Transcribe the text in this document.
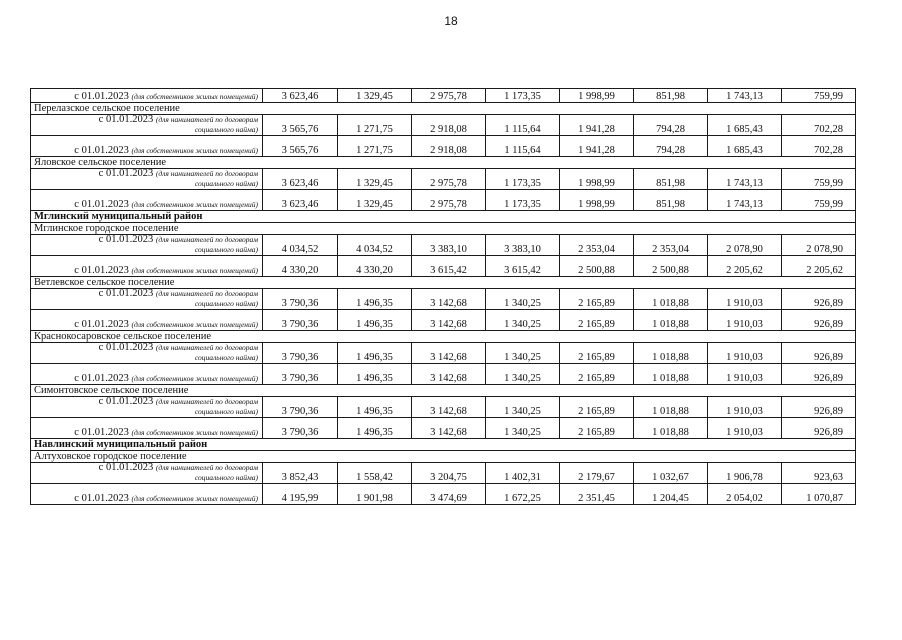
18
с 01.01.2023 (для собственников жилых помещений)	3 623,46	1 329,45	2 975,78	1 173,35	1 998,99	851,98	1 743,13	759,99
Перелазское сельское поселение								
с 01.01.2023 (для нанимателей по договорам
социального найма)	3 565,76	1 271,75	2 918,08	1 115,64	1 941,28	794,28	1 685,43	702,28
с 01.01.2023 (для собственников жилых помещений)	3 565,76	1 271,75	2 918,08	1 115,64	1 941,28	794,28	1 685,43	702,28
Яловское сельское поселение								
с 01.01.2023 (для нанимателей по договорам
социального найма)	3 623,46	1 329,45	2 975,78	1 173,35	1 998,99	851,98	1 743,13	759,99
с 01.01.2023 (для собственников жилых помещений)	3 623,46	1 329,45	2 975,78	1 173,35	1 998,99	851,98	1 743,13	759,99
Мглинский муниципальный район								
Мглинское городское поселение								
с 01.01.2023 (для нанимателей по договорам
социального найма)	4 034,52	4 034,52	3 383,10	3 383,10	2 353,04	2 353,04	2 078,90	2 078,90
с 01.01.2023 (для собственников жилых помещений)	4 330,20	4 330,20	3 615,42	3 615,42	2 500,88	2 500,88	2 205,62	2 205,62
Ветлевское сельское поселение								
с 01.01.2023 (для нанимателей по договорам
социального найма)	3 790,36	1 496,35	3 142,68	1 340,25	2 165,89	1 018,88	1 910,03	926,89
с 01.01.2023 (для собственников жилых помещений)	3 790,36	1 496,35	3 142,68	1 340,25	2 165,89	1 018,88	1 910,03	926,89
Краснокосаровское сельское поселение								
с 01.01.2023 (для нанимателей по договорам
социального найма)	3 790,36	1 496,35	3 142,68	1 340,25	2 165,89	1 018,88	1 910,03	926,89
с 01.01.2023 (для собственников жилых помещений)	3 790,36	1 496,35	3 142,68	1 340,25	2 165,89	1 018,88	1 910,03	926,89
Симонтовское сельское поселение								
с 01.01.2023 (для нанимателей по договорам
социального найма)	3 790,36	1 496,35	3 142,68	1 340,25	2 165,89	1 018,88	1 910,03	926,89
с 01.01.2023 (для собственников жилых помещений)	3 790,36	1 496,35	3 142,68	1 340,25	2 165,89	1 018,88	1 910,03	926,89
Навлинский муниципальный район								
Алтуховское городское поселение								
с 01.01.2023 (для нанимателей по договорам
социального найма)	3 852,43	1 558,42	3 204,75	1 402,31	2 179,67	1 032,67	1 906,78	923,63
с 01.01.2023 (для собственников жилых помещений)	4 195,99	1 901,98	3 474,69	1 672,25	2 351,45	1 204,45	2 054,02	1 070,87
